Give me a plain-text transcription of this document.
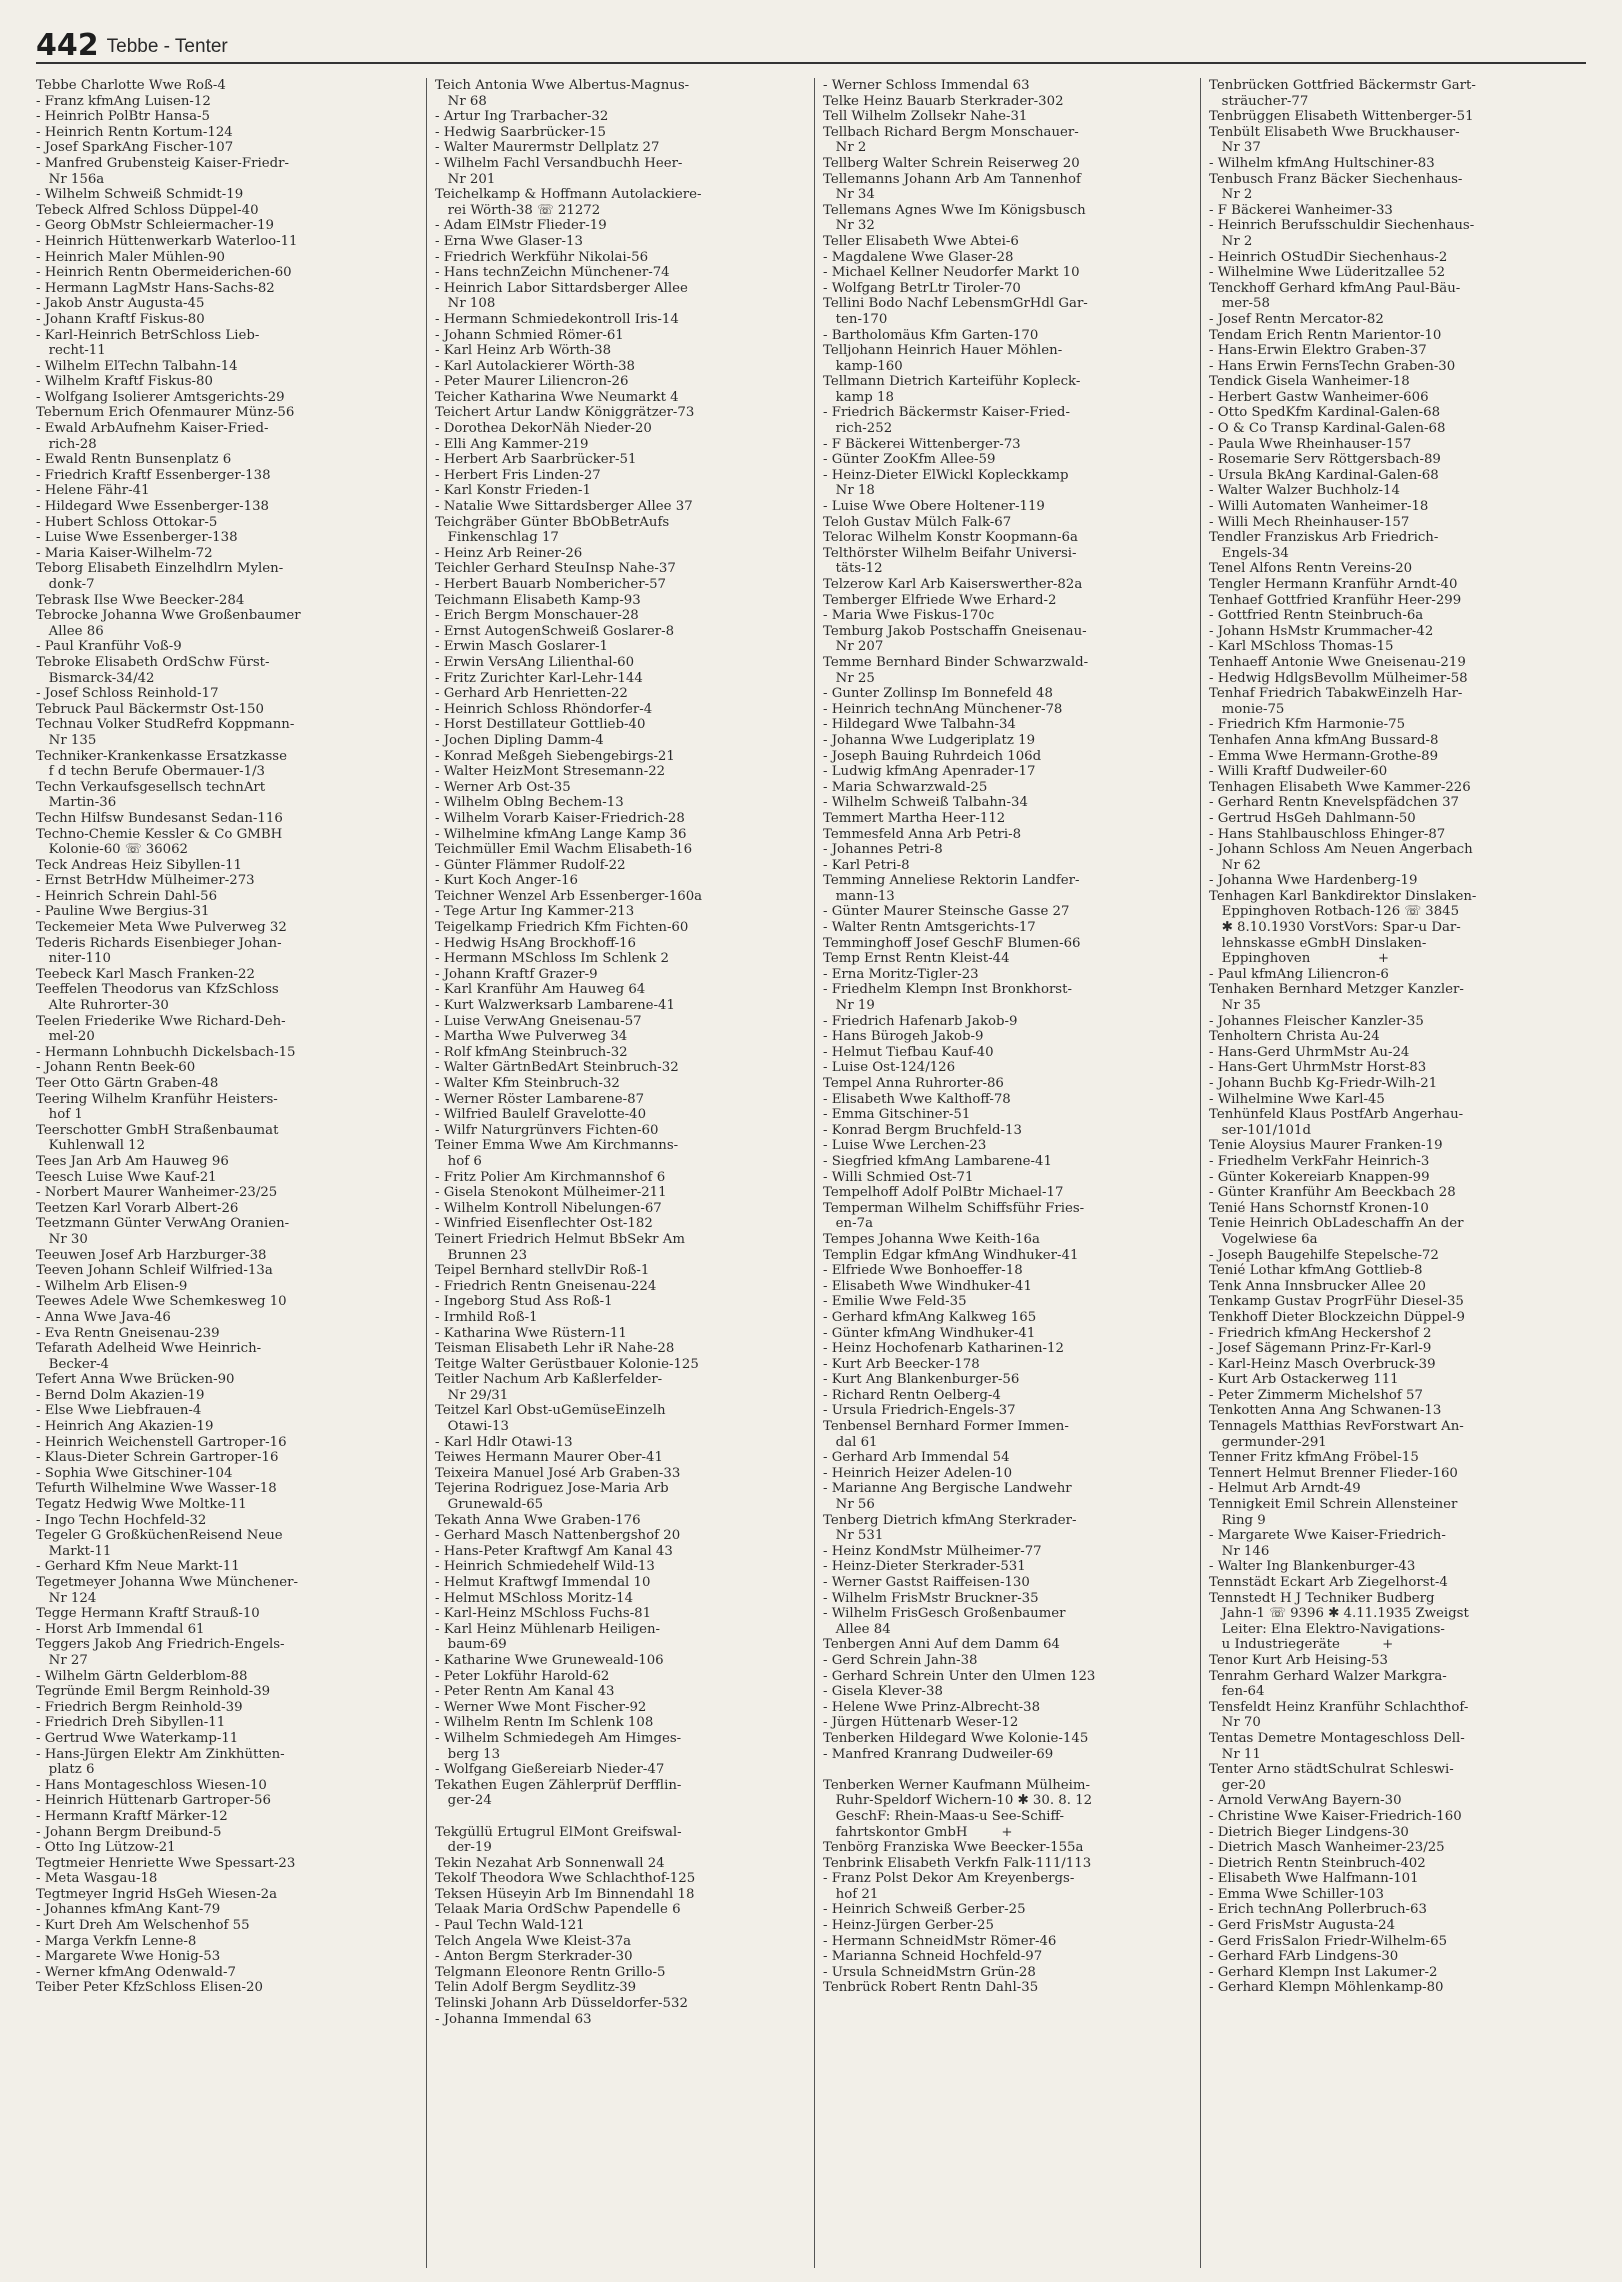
442 Tebbe - Tenter
Tebbe Charlotte Wwe Roß-4
- Franz kfmAng Luisen-12
- Heinrich PolBtr Hansa-5
- Heinrich Rentn Kortum-124
- Josef SparkAng Fischer-107
- Manfred Grubensteig Kaiser-Friedr-
Nr 156a
- Wilhelm Schweiß Schmidt-19
Tebeck Alfred Schloss Düppel-40
- Georg ObMstr Schleiermacher-19
- Heinrich Hüttenwerkarb Waterloo-11
- Heinrich Maler Mühlen-90
- Heinrich Rentn Obermeiderichen-60
- Hermann LagMstr Hans-Sachs-82
- Jakob Anstr Augusta-45
- Johann Kraftf Fiskus-80
- Karl-Heinrich BetrSchloss Lieb-
recht-11
- Wilhelm ElTechn Talbahn-14
- Wilhelm Kraftf Fiskus-80
- Wolfgang Isolierer Amtsgerichts-29
Tebernum Erich Ofenmaurer Münz-56
- Ewald ArbAufnehm Kaiser-Fried-
rich-28
- Ewald Rentn Bunsenplatz 6
- Friedrich Kraftf Essenberger-138
- Helene Fähr-41
- Hildegard Wwe Essenberger-138
- Hubert Schloss Ottokar-5
- Luise Wwe Essenberger-138
- Maria Kaiser-Wilhelm-72
Teborg Elisabeth Einzelhdlrn Mylen-
donk-7
Tebrask Ilse Wwe Beecker-284
Tebrocke Johanna Wwe Großenbaumer
Allee 86
- Paul Kranführ Voß-9
Tebroke Elisabeth OrdSchw Fürst-
Bismarck-34/42
- Josef Schloss Reinhold-17
Tebruck Paul Bäckermstr Ost-150
Technau Volker StudRefrd Koppmann-
Nr 135
Techniker-Krankenkasse Ersatzkasse
f d techn Berufe Obermauer-1/3
Techn Verkaufsgesellsch technArt
Martin-36
Techn Hilfsw Bundesanst Sedan-116
Techno-Chemie Kessler & Co GMBH
Kolonie-60 ☏ 36062
Teck Andreas Heiz Sibyllen-11
- Ernst BetrHdw Mülheimer-273
- Heinrich Schrein Dahl-56
- Pauline Wwe Bergius-31
Teckemeier Meta Wwe Pulverweg 32
Tederis Richards Eisenbieger Johan-
niter-110
Teebeck Karl Masch Franken-22
Teeffelen Theodorus van KfzSchloss
Alte Ruhrorter-30
Teelen Friederike Wwe Richard-Deh-
mel-20
- Hermann Lohnbuchh Dickelsbach-15
- Johann Rentn Beek-60
Teer Otto Gärtn Graben-48
Teering Wilhelm Kranführ Heisters-
hof 1
Teerschotter GmbH Straßenbaumat
Kuhlenwall 12
Tees Jan Arb Am Hauweg 96
Teesch Luise Wwe Kauf-21
- Norbert Maurer Wanheimer-23/25
Teetzen Karl Vorarb Albert-26
Teetzmann Günter VerwAng Oranien-
Nr 30
Teeuwen Josef Arb Harzburger-38
Teeven Johann Schleif Wilfried-13a
- Wilhelm Arb Elisen-9
Teewes Adele Wwe Schemkesweg 10
- Anna Wwe Java-46
- Eva Rentn Gneisenau-239
Tefarath Adelheid Wwe Heinrich-
Becker-4
Tefert Anna Wwe Brücken-90
- Bernd Dolm Akazien-19
- Else Wwe Liebfrauen-4
- Heinrich Ang Akazien-19
- Heinrich Weichenstell Gartroper-16
- Klaus-Dieter Schrein Gartroper-16
- Sophia Wwe Gitschiner-104
Tefurth Wilhelmine Wwe Wasser-18
Tegatz Hedwig Wwe Moltke-11
- Ingo Techn Hochfeld-32
Tegeler G GroßküchenReisend Neue
Markt-11
- Gerhard Kfm Neue Markt-11
Tegetmeyer Johanna Wwe Münchener-
Nr 124
Tegge Hermann Kraftf Strauß-10
- Horst Arb Immendal 61
Teggers Jakob Ang Friedrich-Engels-
Nr 27
- Wilhelm Gärtn Gelderblom-88
Tegründe Emil Bergm Reinhold-39
- Friedrich Bergm Reinhold-39
- Friedrich Dreh Sibyllen-11
- Gertrud Wwe Waterkamp-11
- Hans-Jürgen Elektr Am Zinkhütten-
platz 6
- Hans Montageschloss Wiesen-10
- Heinrich Hüttenarb Gartroper-56
- Hermann Kraftf Märker-12
- Johann Bergm Dreibund-5
- Otto Ing Lützow-21
Tegtmeier Henriette Wwe Spessart-23
- Meta Wasgau-18
Tegtmeyer Ingrid HsGeh Wiesen-2a
- Johannes kfmAng Kant-79
- Kurt Dreh Am Welschenhof 55
- Marga Verkfn Lenne-8
- Margarete Wwe Honig-53
- Werner kfmAng Odenwald-7
Teiber Peter KfzSchloss Elisen-20
Teich Antonia Wwe Albertus-Magnus-
Nr 68
- Artur Ing Trarbacher-32
- Hedwig Saarbrücker-15
- Walter Maurermstr Dellplatz 27
- Wilhelm Fachl Versandbuchh Heer-
Nr 201
Teichelkamp & Hoffmann Autolackiere-
rei Wörth-38 ☏ 21272
- Adam ElMstr Flieder-19
- Erna Wwe Glaser-13
- Friedrich Werkführ Nikolai-56
- Hans technZeichn Münchener-74
- Heinrich Labor Sittardsberger Allee
Nr 108
- Hermann Schmiedekontroll Iris-14
- Johann Schmied Römer-61
- Karl Heinz Arb Wörth-38
- Karl Autolackierer Wörth-38
- Peter Maurer Liliencron-26
Teicher Katharina Wwe Neumarkt 4
Teichert Artur Landw Königgrätzer-73
- Dorothea DekorNäh Nieder-20
- Elli Ang Kammer-219
- Herbert Arb Saarbrücker-51
- Herbert Fris Linden-27
- Karl Konstr Frieden-1
- Natalie Wwe Sittardsberger Allee 37
Teichgräber Günter BbObBetrAufs
Finkenschlag 17
- Heinz Arb Reiner-26
Teichler Gerhard SteuInsp Nahe-37
- Herbert Bauarb Nombericher-57
Teichmann Elisabeth Kamp-93
- Erich Bergm Monschauer-28
- Ernst AutogenSchweiß Goslarer-8
- Erwin Masch Goslarer-1
- Erwin VersAng Lilienthal-60
- Fritz Zurichter Karl-Lehr-144
- Gerhard Arb Henrietten-22
- Heinrich Schloss Rhöndorfer-4
- Horst Destillateur Gottlieb-40
- Jochen Dipling Damm-4
- Konrad Meßgeh Siebengebirgs-21
- Walter HeizMont Stresemann-22
- Werner Arb Ost-35
- Wilhelm Oblng Bechem-13
- Wilhelm Vorarb Kaiser-Friedrich-28
- Wilhelmine kfmAng Lange Kamp 36
Teichmüller Emil Wachm Elisabeth-16
- Günter Flämmer Rudolf-22
- Kurt Koch Anger-16
Teichner Wenzel Arb Essenberger-160a
- Tege Artur Ing Kammer-213
Teigelkamp Friedrich Kfm Fichten-60
- Hedwig HsAng Brockhoff-16
- Hermann MSchloss Im Schlenk 2
- Johann Kraftf Grazer-9
- Karl Kranführ Am Hauweg 64
- Kurt Walzwerksarb Lambarene-41
- Luise VerwAng Gneisenau-57
- Martha Wwe Pulverweg 34
- Rolf kfmAng Steinbruch-32
- Walter GärtnBedArt Steinbruch-32
- Walter Kfm Steinbruch-32
- Werner Röster Lambarene-87
- Wilfried Baulelf Gravelotte-40
- Wilfr Naturgrünvers Fichten-60
Teiner Emma Wwe Am Kirchmanns-
hof 6
- Fritz Polier Am Kirchmannshof 6
- Gisela Stenokont Mülheimer-211
- Wilhelm Kontroll Nibelungen-67
- Winfried Eisenflechter Ost-182
Teinert Friedrich Helmut BbSekr Am
Brunnen 23
Teipel Bernhard stellvDir Roß-1
- Friedrich Rentn Gneisenau-224
- Ingeborg Stud Ass Roß-1
- Irmhild Roß-1
- Katharina Wwe Rüstern-11
Teisman Elisabeth Lehr iR Nahe-28
Teitge Walter Gerüstbauer Kolonie-125
Teitler Nachum Arb Kaßlerfelder-
Nr 29/31
Teitzel Karl Obst-uGemüseEinzelh
Otawi-13
- Karl Hdlr Otawi-13
Teiwes Hermann Maurer Ober-41
Teixeira Manuel José Arb Graben-33
Tejerina Rodriguez Jose-Maria Arb
Grunewald-65
Tekath Anna Wwe Graben-176
- Gerhard Masch Nattenbergshof 20
- Hans-Peter Kraftwgf Am Kanal 43
- Heinrich Schmiedehelf Wild-13
- Helmut Kraftwgf Immendal 10
- Helmut MSchloss Moritz-14
- Karl-Heinz MSchloss Fuchs-81
- Karl Heinz Mühlenarb Heiligen-
baum-69
- Katharine Wwe Gruneweald-106
- Peter Lokführ Harold-62
- Peter Rentn Am Kanal 43
- Werner Wwe Mont Fischer-92
- Wilhelm Rentn Im Schlenk 108
- Wilhelm Schmiedegeh Am Himges-
berg 13
- Wolfgang Gießereiarb Nieder-47
Tekathen Eugen Zählerprüf Derfflin-
ger-24
Tekgüllü Ertugrul ElMont Greifswal-
der-19
Tekin Nezahat Arb Sonnenwall 24
Tekolf Theodora Wwe Schlachthof-125
Teksen Hüseyin Arb Im Binnendahl 18
Telaak Maria OrdSchw Papendelle 6
- Paul Techn Wald-121
Telch Angela Wwe Kleist-37a
- Anton Bergm Sterkrader-30
Telgmann Eleonore Rentn Grillo-5
Telin Adolf Bergm Seydlitz-39
Telinski Johann Arb Düsseldorfer-532
- Johanna Immendal 63
- Werner Schloss Immendal 63
Telke Heinz Bauarb Sterkrader-302
Tell Wilhelm Zollsekr Nahe-31
Tellbach Richard Bergm Monschauer-
Nr 2
Tellberg Walter Schrein Reiserweg 20
Tellemanns Johann Arb Am Tannenhof
Nr 34
Tellemans Agnes Wwe Im Königsbusch
Nr 32
Teller Elisabeth Wwe Abtei-6
- Magdalene Wwe Glaser-28
- Michael Kellner Neudorfer Markt 10
- Wolfgang BetrLtr Tiroler-70
Tellini Bodo Nachf LebensmGrHdl Gar-
ten-170
- Bartholomäus Kfm Garten-170
Telljohann Heinrich Hauer Möhlen-
kamp-160
Tellmann Dietrich Karteiführ Kopleck-
kamp 18
- Friedrich Bäckermstr Kaiser-Fried-
rich-252
- F Bäckerei Wittenberger-73
- Günter ZooKfm Allee-59
- Heinz-Dieter ElWickl Kopleckkamp
Nr 18
- Luise Wwe Obere Holtener-119
Teloh Gustav Mülch Falk-67
Telorac Wilhelm Konstr Koopmann-6a
Telthörster Wilhelm Beifahr Universi-
täts-12
Telzerow Karl Arb Kaiserswerther-82a
Temberger Elfriede Wwe Erhard-2
- Maria Wwe Fiskus-170c
Temburg Jakob Postschaffn Gneisenau-
Nr 207
Temme Bernhard Binder Schwarzwald-
Nr 25
- Gunter Zollinsp Im Bonnefeld 48
- Heinrich technAng Münchener-78
- Hildegard Wwe Talbahn-34
- Johanna Wwe Ludgeriplatz 19
- Joseph Bauing Ruhrdeich 106d
- Ludwig kfmAng Apenrader-17
- Maria Schwarzwald-25
- Wilhelm Schweiß Talbahn-34
Temmert Martha Heer-112
Temmesfeld Anna Arb Petri-8
- Johannes Petri-8
- Karl Petri-8
Temming Anneliese Rektorin Landfer-
mann-13
- Günter Maurer Steinsche Gasse 27
- Walter Rentn Amtsgerichts-17
Temminghoff Josef GeschF Blumen-66
Temp Ernst Rentn Kleist-44
- Erna Moritz-Tigler-23
- Friedhelm Klempn Inst Bronkhorst-
Nr 19
- Friedrich Hafenarb Jakob-9
- Hans Bürogeh Jakob-9
- Helmut Tiefbau Kauf-40
- Luise Ost-124/126
Tempel Anna Ruhrorter-86
- Elisabeth Wwe Kalthoff-78
- Emma Gitschiner-51
- Konrad Bergm Bruchfeld-13
- Luise Wwe Lerchen-23
- Siegfried kfmAng Lambarene-41
- Willi Schmied Ost-71
Tempelhoff Adolf PolBtr Michael-17
Temperman Wilhelm Schiffsführ Fries-
en-7a
Tempes Johanna Wwe Keith-16a
Templin Edgar kfmAng Windhuker-41
- Elfriede Wwe Bonhoeffer-18
- Elisabeth Wwe Windhuker-41
- Emilie Wwe Feld-35
- Gerhard kfmAng Kalkweg 165
- Günter kfmAng Windhuker-41
- Heinz Hochofenarb Katharinen-12
- Kurt Arb Beecker-178
- Kurt Ang Blankenburger-56
- Richard Rentn Oelberg-4
- Ursula Friedrich-Engels-37
Tenbensel Bernhard Former Immen-
dal 61
- Gerhard Arb Immendal 54
- Heinrich Heizer Adelen-10
- Marianne Ang Bergische Landwehr
Nr 56
Tenberg Dietrich kfmAng Sterkrader-
Nr 531
- Heinz KondMstr Mülheimer-77
- Heinz-Dieter Sterkrader-531
- Werner Gastst Raiffeisen-130
- Wilhelm FrisMstr Bruckner-35
- Wilhelm FrisGesch Großenbaumer
Allee 84
Tenbergen Anni Auf dem Damm 64
- Gerd Schrein Jahn-38
- Gerhard Schrein Unter den Ulmen 123
- Gisela Klever-38
- Helene Wwe Prinz-Albrecht-38
- Jürgen Hüttenarb Weser-12
Tenberken Hildegard Wwe Kolonie-145
- Manfred Kranrang Dudweiler-69
Tenberken Werner Kaufmann Mülheim-
Ruhr-Speldorf Wichern-10 ✱ 30. 8. 12
GeschF: Rhein-Maas-u See-Schiff-
fahrtskontor GmbH        +
Tenbörg Franziska Wwe Beecker-155a
Tenbrink Elisabeth Verkfn Falk-111/113
- Franz Polst Dekor Am Kreyenbergs-
hof 21
- Heinrich Schweiß Gerber-25
- Heinz-Jürgen Gerber-25
- Hermann SchneidMstr Römer-46
- Marianna Schneid Hochfeld-97
- Ursula SchneidMstrn Grün-28
Tenbrück Robert Rentn Dahl-35
Tenbrücken Gottfried Bäckermstr Gart-
sträucher-77
Tenbrüggen Elisabeth Wittenberger-51
Tenbült Elisabeth Wwe Bruckhauser-
Nr 37
- Wilhelm kfmAng Hultschiner-83
Tenbusch Franz Bäcker Siechenhaus-
Nr 2
- F Bäckerei Wanheimer-33
- Heinrich Berufsschuldir Siechenhaus-
Nr 2
- Heinrich OStudDir Siechenhaus-2
- Wilhelmine Wwe Lüderitzallee 52
Tenckhoff Gerhard kfmAng Paul-Bäu-
mer-58
- Josef Rentn Mercator-82
Tendam Erich Rentn Marientor-10
- Hans-Erwin Elektro Graben-37
- Hans Erwin FernsTechn Graben-30
Tendick Gisela Wanheimer-18
- Herbert Gastw Wanheimer-606
- Otto SpedKfm Kardinal-Galen-68
- O & Co Transp Kardinal-Galen-68
- Paula Wwe Rheinhauser-157
- Rosemarie Serv Röttgersbach-89
- Ursula BkAng Kardinal-Galen-68
- Walter Walzer Buchholz-14
- Willi Automaten Wanheimer-18
- Willi Mech Rheinhauser-157
Tendler Franziskus Arb Friedrich-
Engels-34
Tenel Alfons Rentn Vereins-20
Tengler Hermann Kranführ Arndt-40
Tenhaef Gottfried Kranführ Heer-299
- Gottfried Rentn Steinbruch-6a
- Johann HsMstr Krummacher-42
- Karl MSchloss Thomas-15
Tenhaeff Antonie Wwe Gneisenau-219
- Hedwig HdlgsBevollm Mülheimer-58
Tenhaf Friedrich TabakwEinzelh Har-
monie-75
- Friedrich Kfm Harmonie-75
Tenhafen Anna kfmAng Bussard-8
- Emma Wwe Hermann-Grothe-89
- Willi Kraftf Dudweiler-60
Tenhagen Elisabeth Wwe Kammer-226
- Gerhard Rentn Knevelspfädchen 37
- Gertrud HsGeh Dahlmann-50
- Hans Stahlbauschloss Ehinger-87
- Johann Schloss Am Neuen Angerbach
Nr 62
- Johanna Wwe Hardenberg-19
Tenhagen Karl Bankdirektor Dinslaken-
Eppinghoven Rotbach-126 ☏ 3845
✱ 8.10.1930 VorstVors: Spar-u Dar-
lehnskasse eGmbH Dinslaken-
Eppinghoven                +
- Paul kfmAng Liliencron-6
Tenhaken Bernhard Metzger Kanzler-
Nr 35
- Johannes Fleischer Kanzler-35
Tenholtern Christa Au-24
- Hans-Gerd UhrmMstr Au-24
- Hans-Gert UhrmMstr Horst-83
- Johann Buchb Kg-Friedr-Wilh-21
- Wilhelmine Wwe Karl-45
Tenhünfeld Klaus PostfArb Angerhau-
ser-101/101d
Tenie Aloysius Maurer Franken-19
- Friedhelm VerkFahr Heinrich-3
- Günter Kokereiarb Knappen-99
- Günter Kranführ Am Beeckbach 28
Tenié Hans Schornstf Kronen-10
Tenie Heinrich ObLadeschaffn An der
Vogelwiese 6a
- Joseph Baugehilfe Stepelsche-72
Tenié Lothar kfmAng Gottlieb-8
Tenk Anna Innsbrucker Allee 20
Tenkamp Gustav ProgrFühr Diesel-35
Tenkhoff Dieter Blockzeichn Düppel-9
- Friedrich kfmAng Heckershof 2
- Josef Sägemann Prinz-Fr-Karl-9
- Karl-Heinz Masch Overbruck-39
- Kurt Arb Ostackerweg 111
- Peter Zimmerm Michelshof 57
Tenkotten Anna Ang Schwanen-13
Tennagels Matthias RevForstwart An-
germunder-291
Tenner Fritz kfmAng Fröbel-15
Tennert Helmut Brenner Flieder-160
- Helmut Arb Arndt-49
Tennigkeit Emil Schrein Allensteiner
Ring 9
- Margarete Wwe Kaiser-Friedrich-
Nr 146
- Walter Ing Blankenburger-43
Tennstädt Eckart Arb Ziegelhorst-4
Tennstedt H J Techniker Budberg
Jahn-1 ☏ 9396 ✱ 4.11.1935 Zweigst
Leiter: Elna Elektro-Navigations-
u Industriegeräte          +
Tenor Kurt Arb Heising-53
Tenrahm Gerhard Walzer Markgra-
fen-64
Tensfeldt Heinz Kranführ Schlachthof-
Nr 70
Tentas Demetre Montageschloss Dell-
Nr 11
Tenter Arno städtSchulrat Schleswi-
ger-20
- Arnold VerwAng Bayern-30
- Christine Wwe Kaiser-Friedrich-160
- Dietrich Bieger Lindgens-30
- Dietrich Masch Wanheimer-23/25
- Dietrich Rentn Steinbruch-402
- Elisabeth Wwe Halfmann-101
- Emma Wwe Schiller-103
- Erich technAng Pollerbruch-63
- Gerd FrisMstr Augusta-24
- Gerd FrisSalon Friedr-Wilhelm-65
- Gerhard FArb Lindgens-30
- Gerhard Klempn Inst Lakumer-2
- Gerhard Klempn Möhlenkamp-80
